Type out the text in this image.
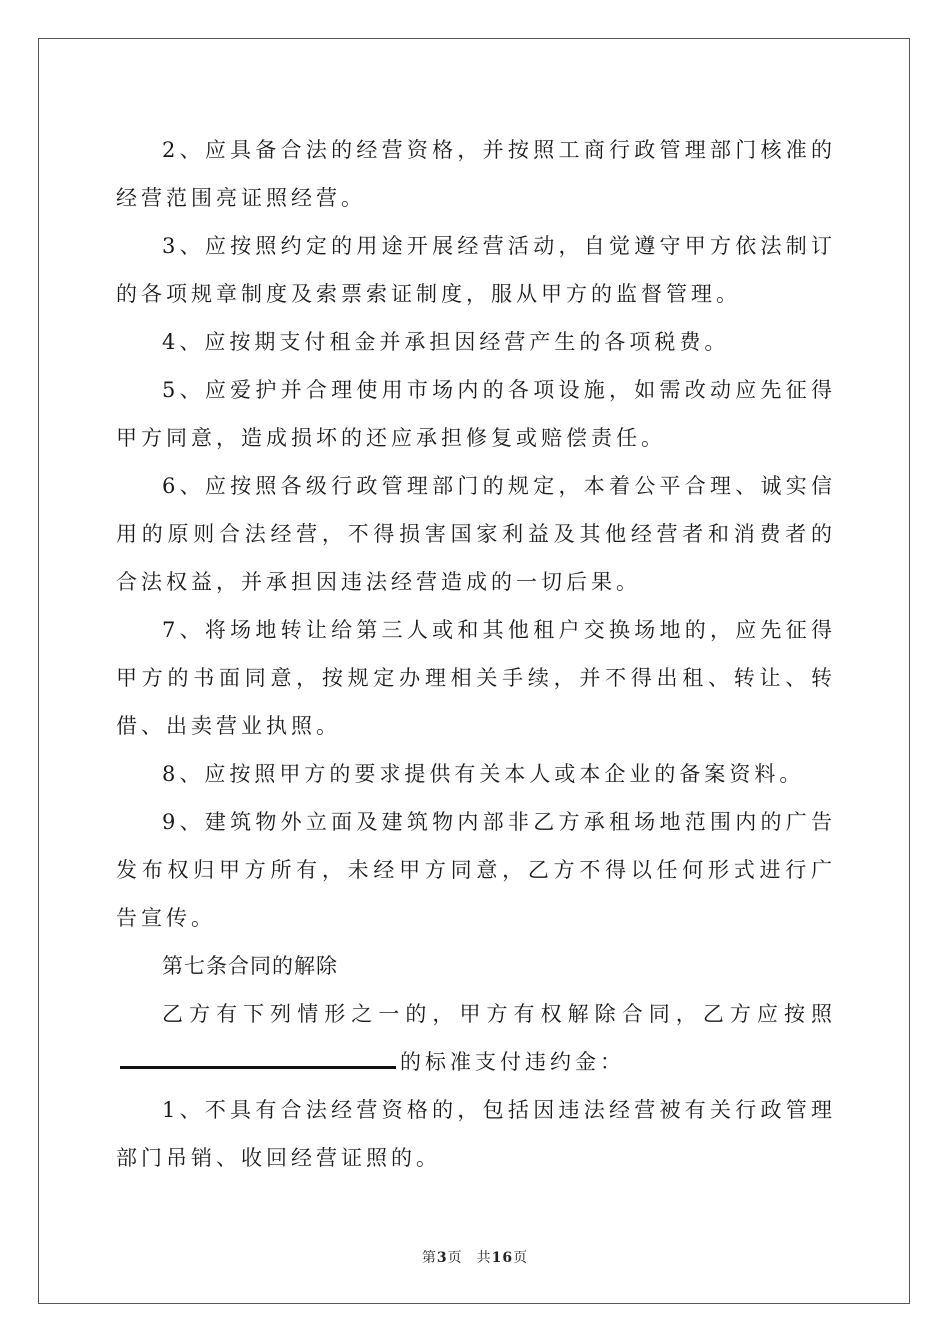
2、应具备合法的经营资格，并按照工商行政管理部门核准的经营范围亮证照经营。

3、应按照约定的用途开展经营活动，自觉遵守甲方依法制订的各项规章制度及索票索证制度，服从甲方的监督管理。

4、应按期支付租金并承担因经营产生的各项税费。

5、应爱护并合理使用市场内的各项设施，如需改动应先征得甲方同意，造成损坏的还应承担修复或赔偿责任。

6、应按照各级行政管理部门的规定，本着公平合理、诚实信用的原则合法经营，不得损害国家利益及其他经营者和消费者的合法权益，并承担因违法经营造成的一切后果。

7、将场地转让给第三人或和其他租户交换场地的，应先征得甲方的书面同意，按规定办理相关手续，并不得出租、转让、转借、出卖营业执照。

8、应按照甲方的要求提供有关本人或本企业的备案资料。

9、建筑物外立面及建筑物内部非乙方承租场地范围内的广告发布权归甲方所有，未经甲方同意，乙方不得以任何形式进行广告宣传。

第七条合同的解除

乙方有下列情形之一的，甲方有权解除合同，乙方应按照的标准支付违约金：

1、不具有合法经营资格的，包括因违法经营被有关行政管理部门吊销、收回经营证照的。

第3页 共16页
